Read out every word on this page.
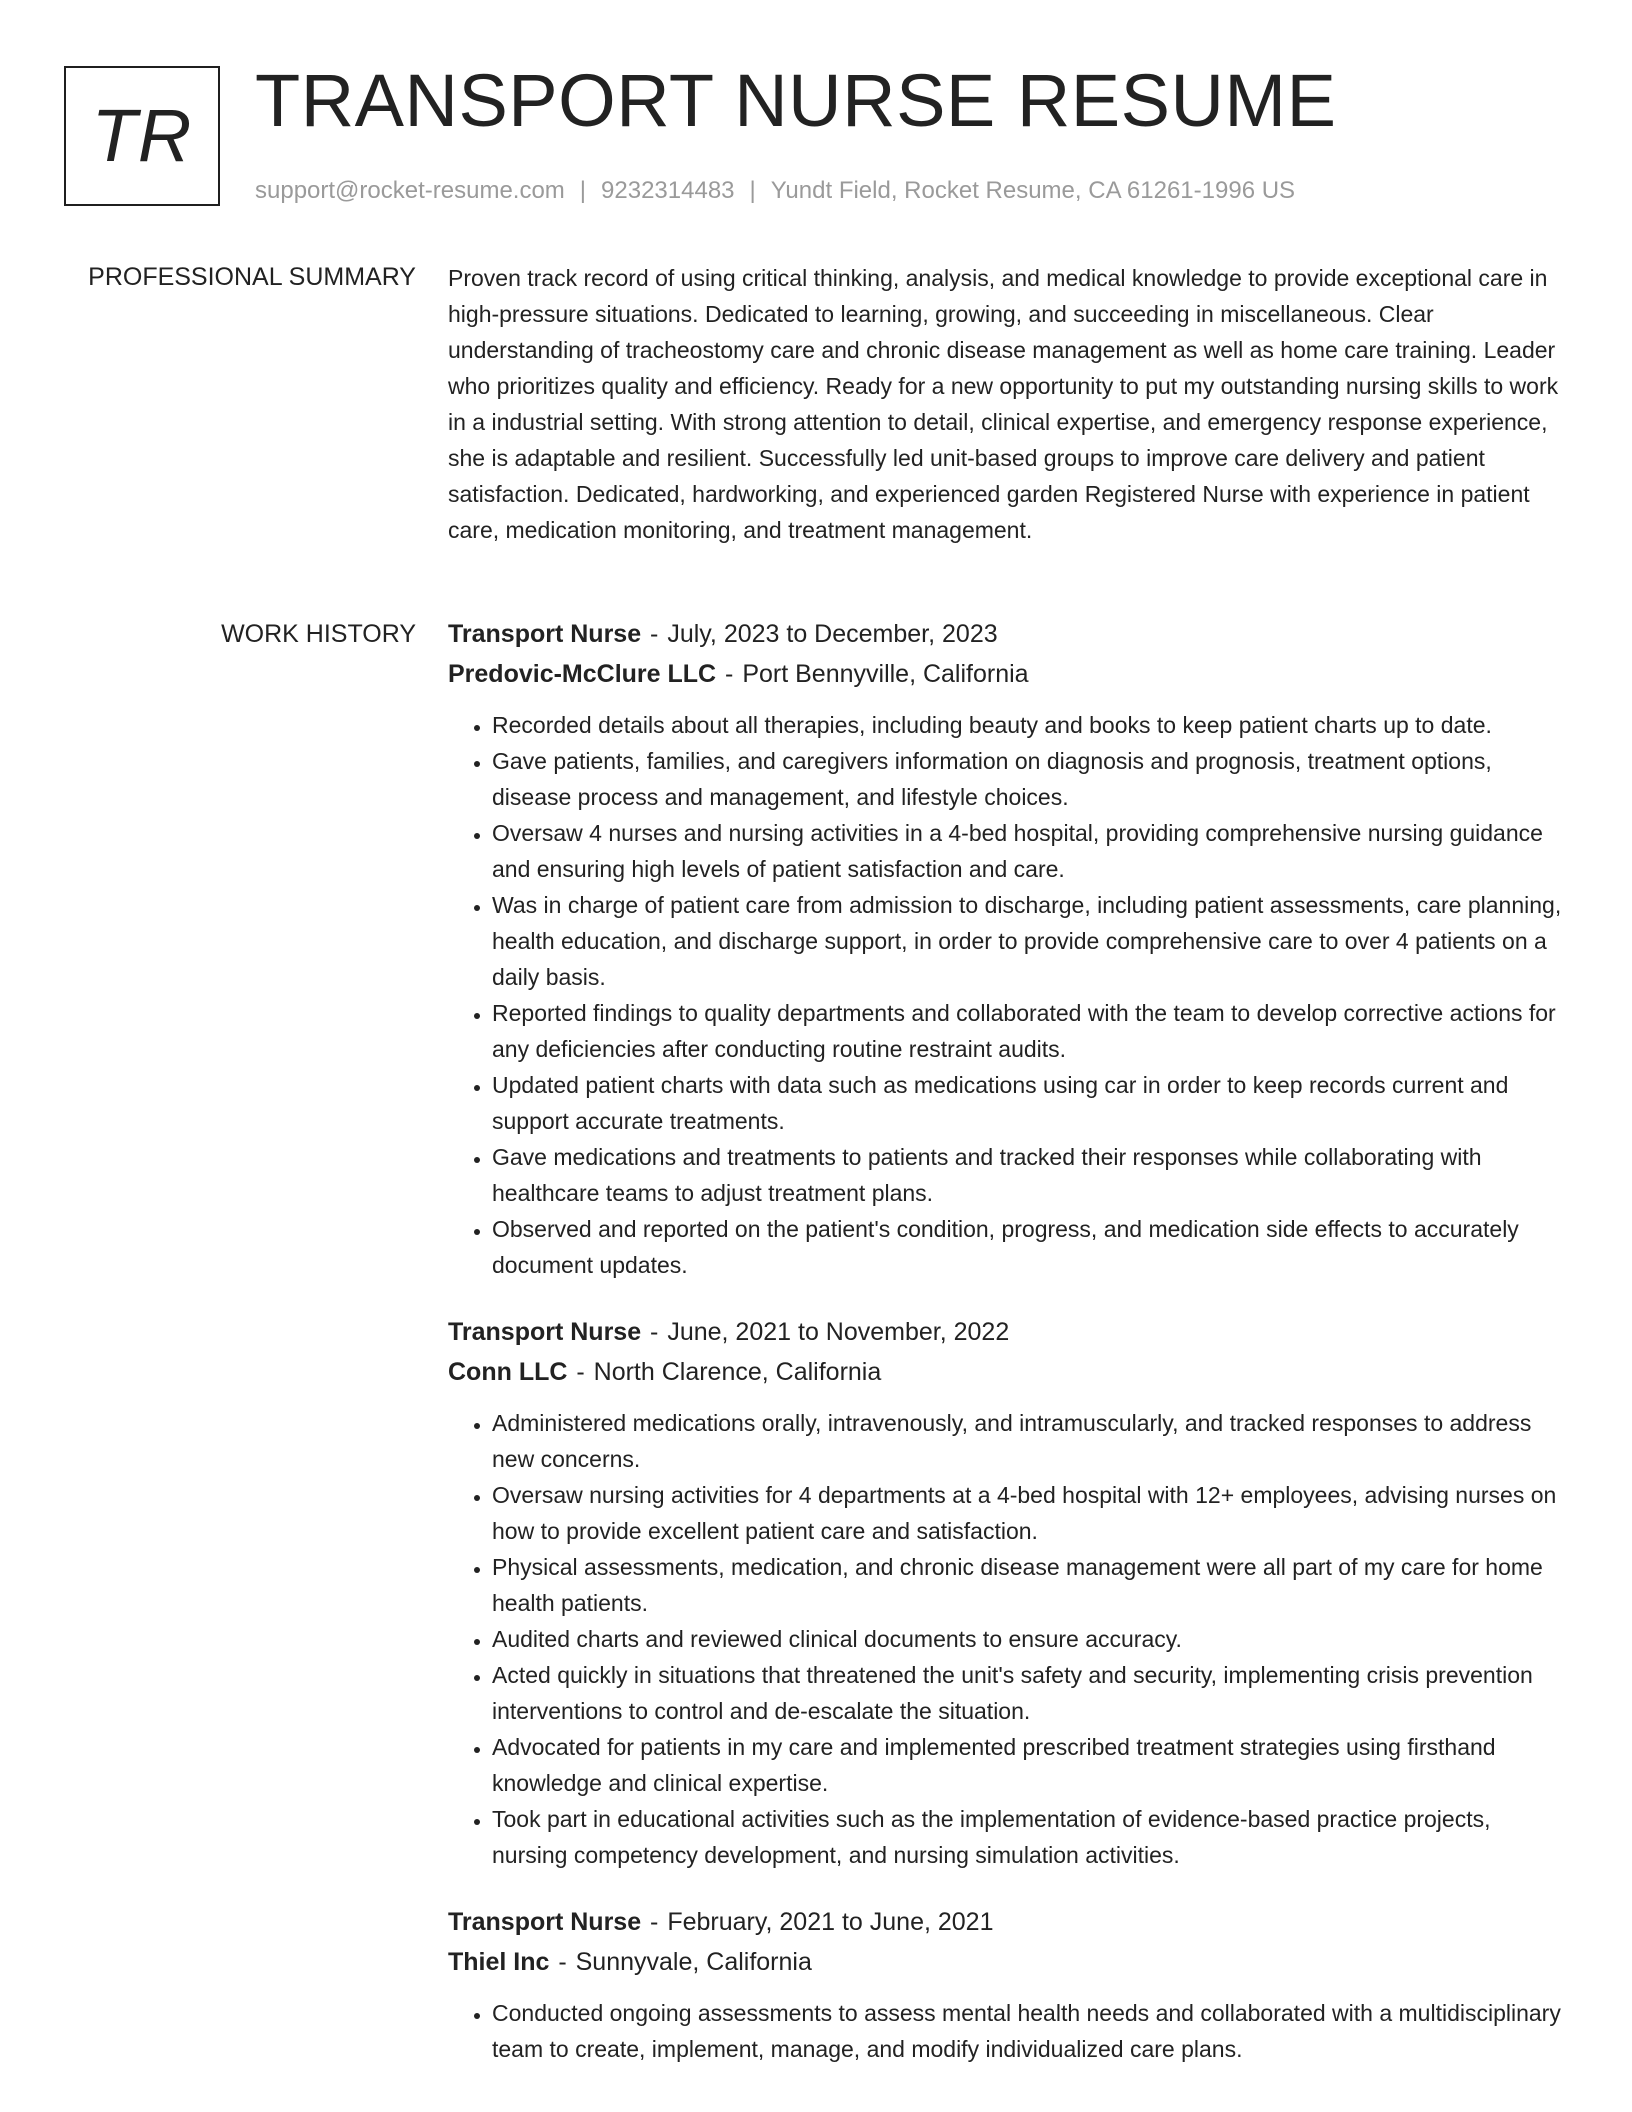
TR TRANSPORT NURSE RESUME
support@rocket-resume.com | 9232314483 | Yundt Field, Rocket Resume, CA 61261-1996 US
PROFESSIONAL SUMMARY Proven track record of using critical thinking, analysis, and medical knowledge to provide exceptional care in high-pressure situations. Dedicated to learning, growing, and succeeding in miscellaneous. Clear understanding of tracheostomy care and chronic disease management as well as home care training. Leader who prioritizes quality and efficiency. Ready for a new opportunity to put my outstanding nursing skills to work in a industrial setting. With strong attention to detail, clinical expertise, and emergency response experience, she is adaptable and resilient. Successfully led unit-based groups to improve care delivery and patient satisfaction. Dedicated, hardworking, and experienced garden Registered Nurse with experience in patient care, medication monitoring, and treatment management.
WORK HISTORY Transport Nurse - July, 2023 to December, 2023
Predovic-McClure LLC - Port Bennyville, California
• Recorded details about all therapies, including beauty and books to keep patient charts up to date.
• Gave patients, families, and caregivers information on diagnosis and prognosis, treatment options, disease process and management, and lifestyle choices.
• Oversaw 4 nurses and nursing activities in a 4-bed hospital, providing comprehensive nursing guidance and ensuring high levels of patient satisfaction and care.
• Was in charge of patient care from admission to discharge, including patient assessments, care planning, health education, and discharge support, in order to provide comprehensive care to over 4 patients on a daily basis.
• Reported findings to quality departments and collaborated with the team to develop corrective actions for any deficiencies after conducting routine restraint audits.
• Updated patient charts with data such as medications using car in order to keep records current and support accurate treatments.
• Gave medications and treatments to patients and tracked their responses while collaborating with healthcare teams to adjust treatment plans.
• Observed and reported on the patient's condition, progress, and medication side effects to accurately document updates.
Transport Nurse - June, 2021 to November, 2022
Conn LLC - North Clarence, California
• Administered medications orally, intravenously, and intramuscularly, and tracked responses to address new concerns.
• Oversaw nursing activities for 4 departments at a 4-bed hospital with 12+ employees, advising nurses on how to provide excellent patient care and satisfaction.
• Physical assessments, medication, and chronic disease management were all part of my care for home health patients.
• Audited charts and reviewed clinical documents to ensure accuracy.
• Acted quickly in situations that threatened the unit's safety and security, implementing crisis prevention interventions to control and de-escalate the situation.
• Advocated for patients in my care and implemented prescribed treatment strategies using firsthand knowledge and clinical expertise.
• Took part in educational activities such as the implementation of evidence-based practice projects, nursing competency development, and nursing simulation activities.
Transport Nurse - February, 2021 to June, 2021
Thiel Inc - Sunnyvale, California
• Conducted ongoing assessments to assess mental health needs and collaborated with a multidisciplinary team to create, implement, manage, and modify individualized care plans.
